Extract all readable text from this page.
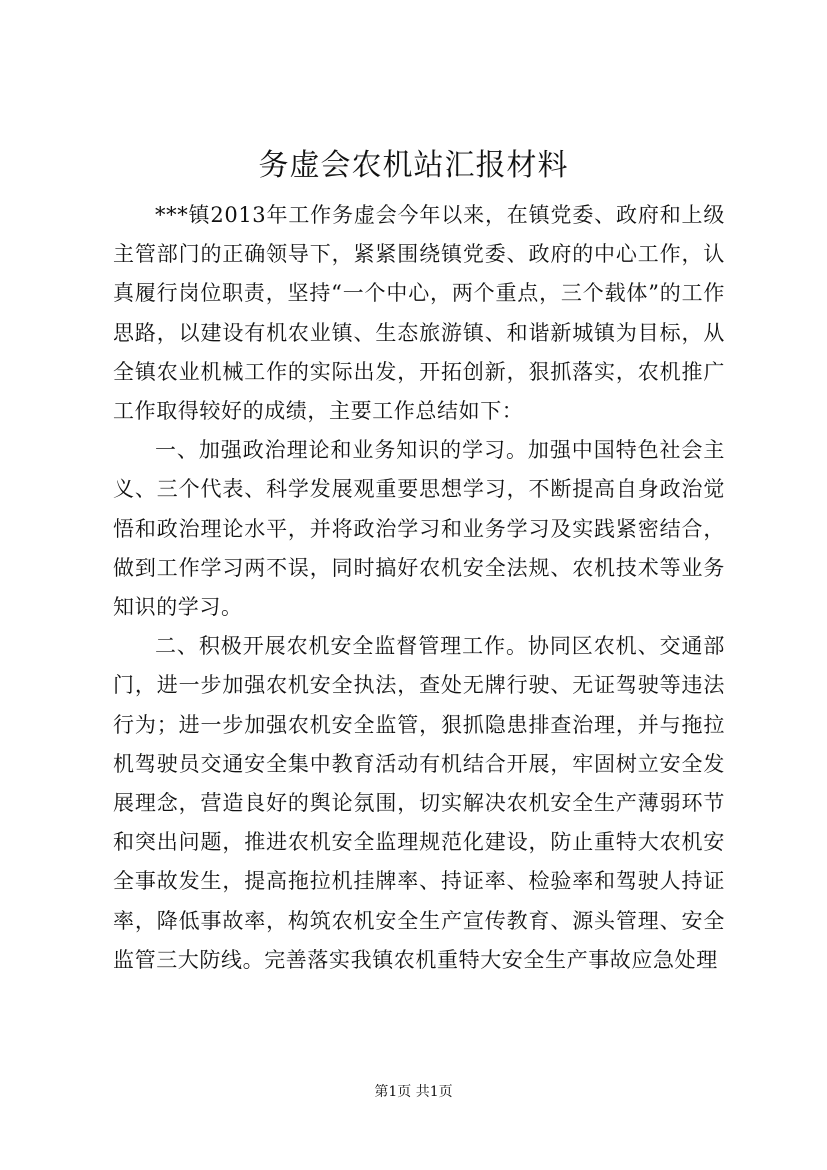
务虚会农机站汇报材料

***镇2013年工作务虚会今年以来，在镇党委、政府和上级主管部门的正确领导下，紧紧围绕镇党委、政府的中心工作，认真履行岗位职责，坚持“一个中心，两个重点，三个载体”的工作思路，以建设有机农业镇、生态旅游镇、和谐新城镇为目标，从全镇农业机械工作的实际出发，开拓创新，狠抓落实，农机推广工作取得较好的成绩，主要工作总结如下：

一、加强政治理论和业务知识的学习。加强中国特色社会主义、三个代表、科学发展观重要思想学习，不断提高自身政治觉悟和政治理论水平，并将政治学习和业务学习及实践紧密结合，做到工作学习两不误，同时搞好农机安全法规、农机技术等业务知识的学习。

二、积极开展农机安全监督管理工作。协同区农机、交通部门，进一步加强农机安全执法，查处无牌行驶、无证驾驶等违法行为；进一步加强农机安全监管，狠抓隐患排查治理，并与拖拉机驾驶员交通安全集中教育活动有机结合开展，牢固树立安全发展理念，营造良好的舆论氛围，切实解决农机安全生产薄弱环节和突出问题，推进农机安全监理规范化建设，防止重特大农机安全事故发生，提高拖拉机挂牌率、持证率、检验率和驾驶人持证率，降低事故率，构筑农机安全生产宣传教育、源头管理、安全监管三大防线。完善落实我镇农机重特大安全生产事故应急处理

第1页 共1页
